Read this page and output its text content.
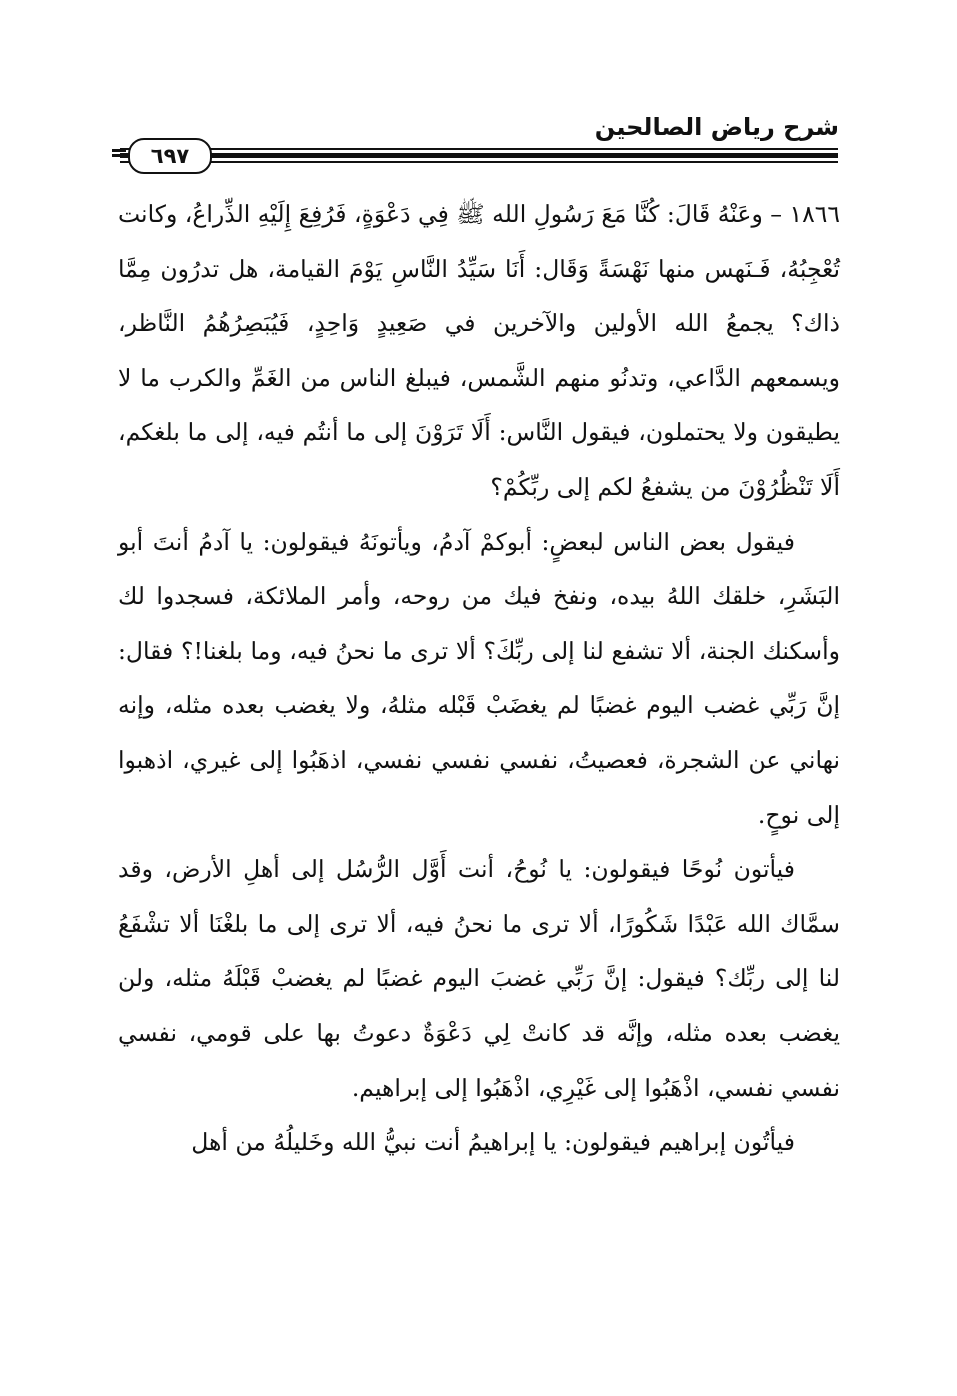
شرح رياض الصالحين
٦٩٧

١٨٦٦ – وعَنْهُ قَالَ: كُنَّا مَعَ رَسُولِ الله ﷺ فِي دَعْوَةٍ، فَرُفِعَ إِلَيْهِ الذِّراعُ، وكانت تُعْجِبُهُ، فَـنَهس منها نَهْسَةً وَقَال: أَنَا سَيِّدُ النَّاسِ يَوْمَ القيامة، هل تدرُون مِمَّا ذاك؟ يجمعُ الله الأولين والآخرين في صَعِيدٍ وَاحِدٍ، فَيُبَصِرُهُمُ النَّاظر، ويسمعهم الدَّاعي، وتدنُو منهم الشَّمس، فيبلغ الناس من الغَمِّ والكرب ما لا يطيقون ولا يحتملون، فيقول النَّاس: أَلَا تَرَوْنَ إلى ما أنتُم فيه، إلى ما بلغكم، أَلَا تَنْظُرُوْنَ من يشفعُ لكم إلى ربِّكُمْ؟

فيقول بعض الناس لبعضٍ: أبوكمْ آدمُ، ويأتونَهُ فيقولون: يا آدمُ أنتَ أبو البَشَرِ، خلقك اللهُ بيده، ونفخ فيك من روحه، وأمر الملائكة، فسجدوا لك وأسكنك الجنة، ألا تشفع لنا إلى ربِّكَ؟ ألا ترى ما نحنُ فيه، وما بلغنا!؟ فقال: إنَّ رَبِّي غضب اليوم غضبًا لم يغضَبْ قَبْله مثلهُ، ولا يغضب بعده مثله، وإنه نهاني عن الشجرة، فعصيتُ، نفسي نفسي نفسي، اذهَبُوا إلى غيري، اذهبوا إلى نوحٍ.

فيأتون نُوحًا فيقولون: يا نُوحُ، أنت أَوَّل الرُّسُل إلى أهلِ الأرض، وقد سمَّاك الله عَبْدًا شَكُورًا، ألا ترى ما نحنُ فيه، ألا ترى إلى ما بلغْنَا ألا تشْفَعُ لنا إلى ربِّك؟ فيقول: إنَّ رَبِّي غضبَ اليوم غضبًا لم يغضبْ قَبْلَهُ مثله، ولن يغضب بعده مثله، وإنَّه قد كانتْ لِي دَعْوَةٌ دعوتُ بها على قومي، نفسي نفسي نفسي، اذْهَبُوا إلى غَيْرِي، اذْهَبُوا إلى إبراهيم.

فيأتُون إبراهيم فيقولون: يا إبراهيمُ أنت نبيُّ الله وخَليلُهُ من أهل
